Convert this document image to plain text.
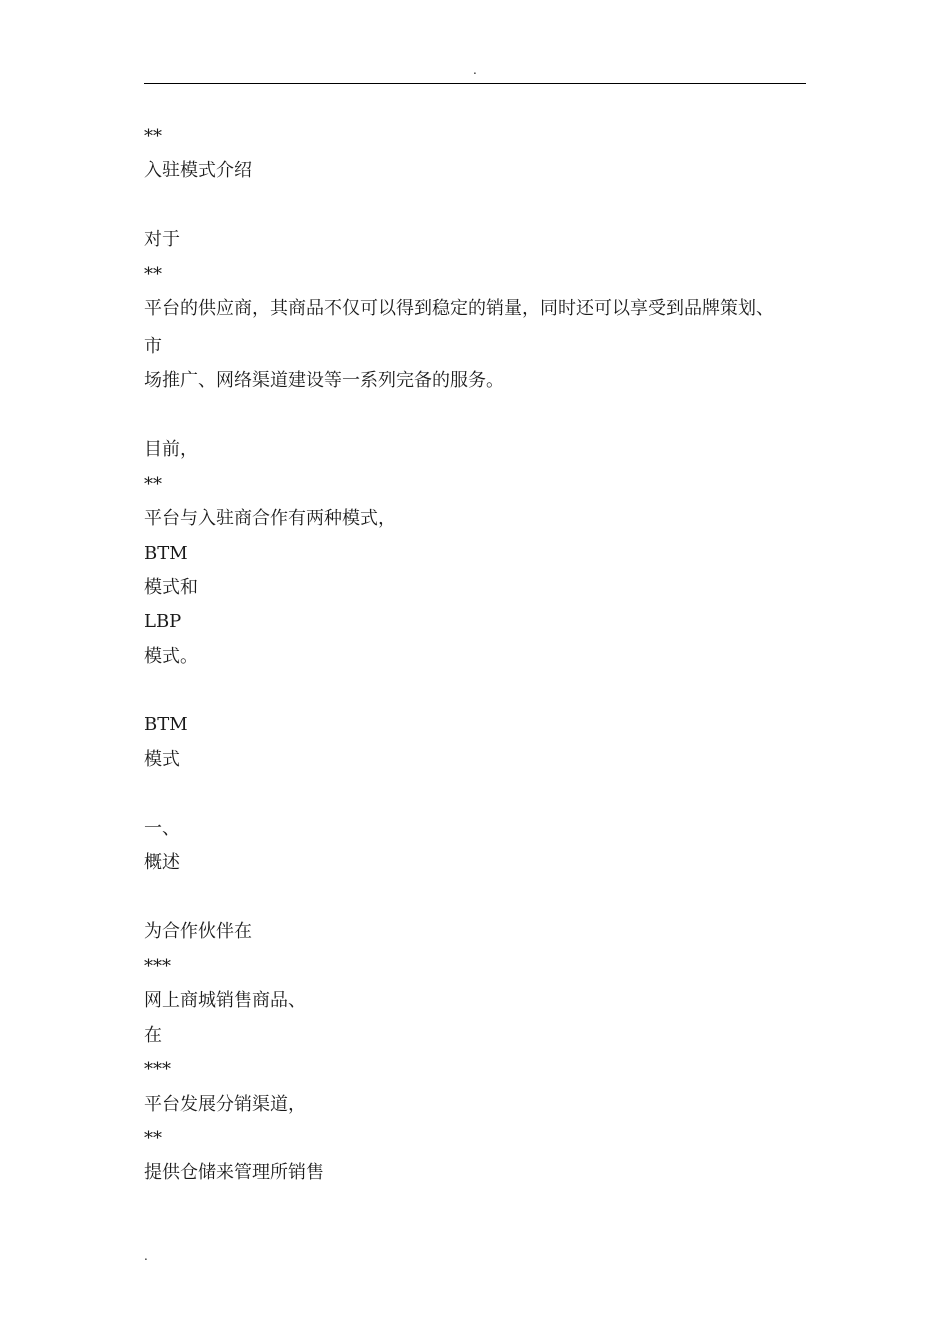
.
**
入驻模式介绍
对于
**
平台的供应商，其商品不仅可以得到稳定的销量，同时还可以享受到品牌策划、
市
场推广、网络渠道建设等一系列完备的服务。
目前，
**
平台与入驻商合作有两种模式，
BTM
模式和
LBP
模式。
BTM
模式
一、
概述
为合作伙伴在
***
网上商城销售商品、
在
***
平台发展分销渠道，
**
提供仓储来管理所销售
.
